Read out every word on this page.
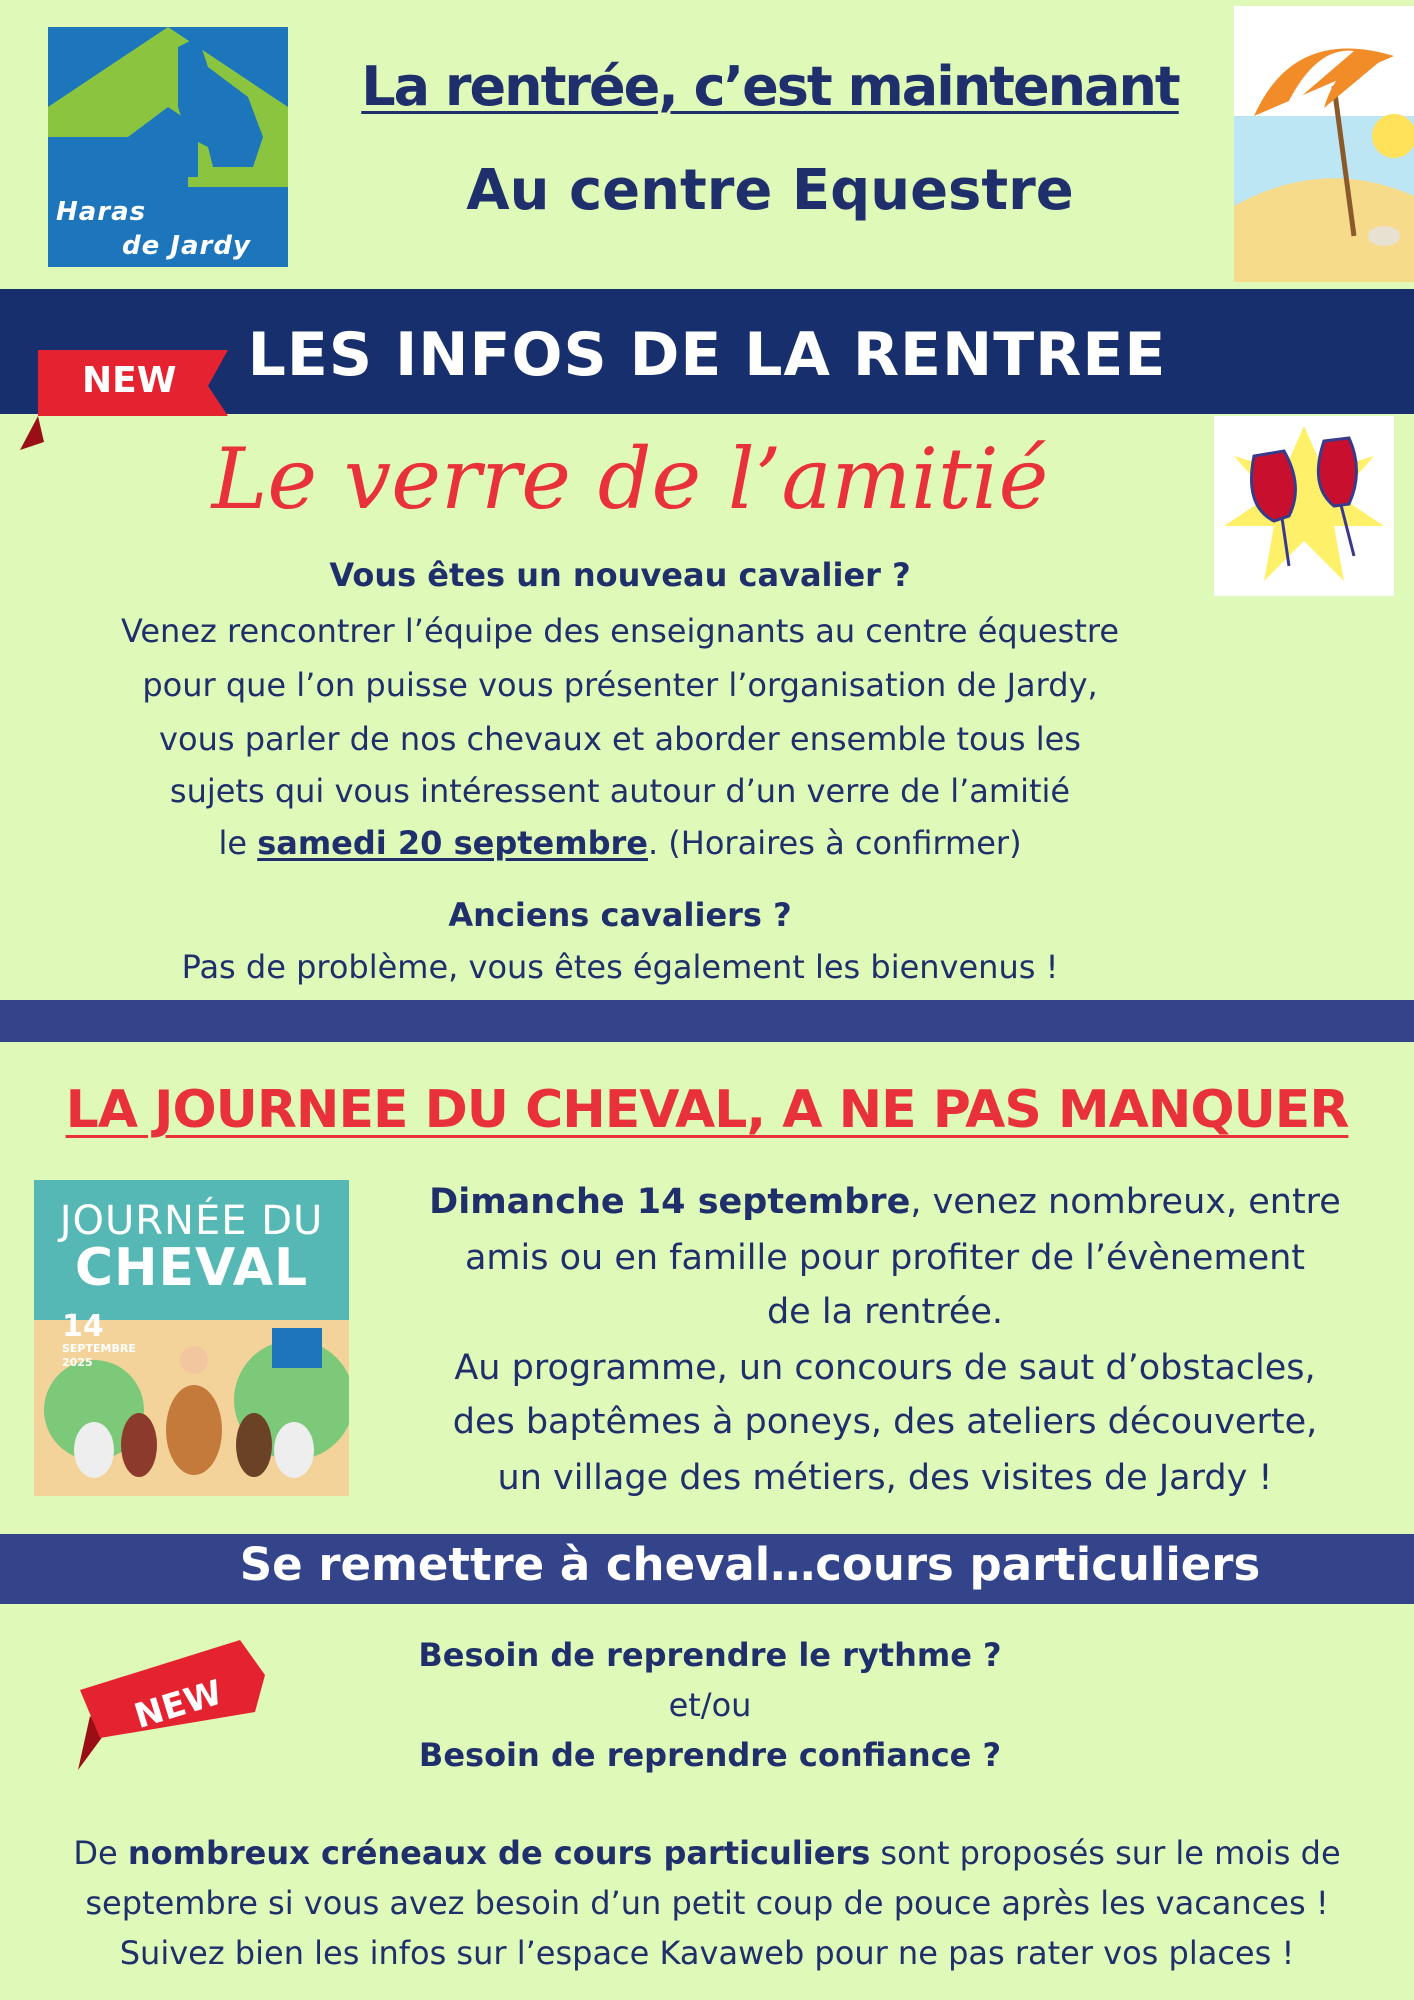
Haras
de Jardy
La rentrée, c’est maintenant
Au centre Equestre
LES INFOS DE LA RENTREE
NEW
Le verre de l’amitié
Vous êtes un nouveau cavalier ?
Venez rencontrer l’équipe des enseignants au centre équestre
pour que l’on puisse vous présenter l’organisation de Jardy,
vous parler de nos chevaux et aborder ensemble tous les
sujets qui vous intéressent autour d’un verre de l’amitié
le samedi 20 septembre. (Horaires à confirmer)
Anciens cavaliers ?
Pas de problème, vous êtes également les bienvenus !
LA JOURNEE DU CHEVAL, A NE PAS MANQUER
JOURNÉE DU
CHEVAL
14
SEPTEMBRE
2025
Dimanche 14 septembre, venez nombreux, entre
amis ou en famille pour profiter de l’évènement
de la rentrée.
Au programme, un concours de saut d’obstacles,
des baptêmes à poneys, des ateliers découverte,
un village des métiers, des visites de Jardy !
Se remettre à cheval…cours particuliers
NEW
Besoin de reprendre le rythme ?
et/ou
Besoin de reprendre confiance ?
De nombreux créneaux de cours particuliers sont proposés sur le mois de
septembre si vous avez besoin d’un petit coup de pouce après les vacances !
Suivez bien les infos sur l’espace Kavaweb pour ne pas rater vos places !
